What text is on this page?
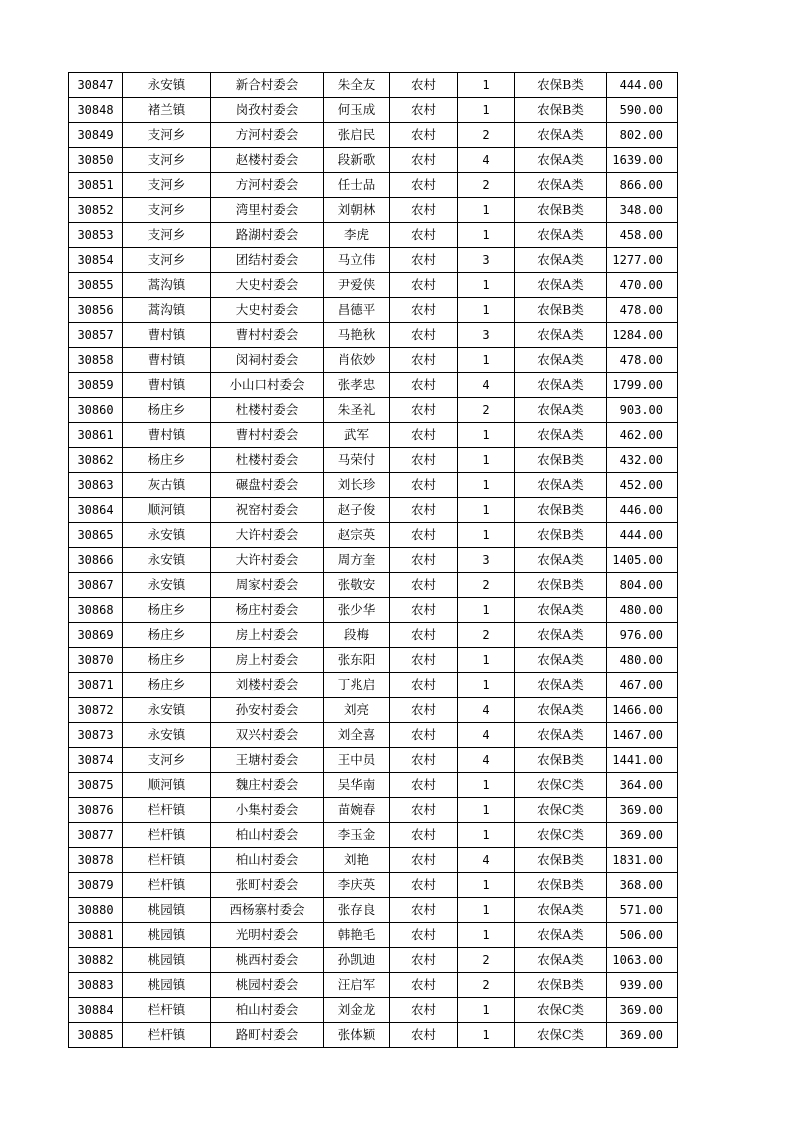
30847	永安镇	新合村委会	朱全友	农村	1	农保B类	444.00
30848	褚兰镇	岗孜村委会	何玉成	农村	1	农保B类	590.00
30849	支河乡	方河村委会	张启民	农村	2	农保A类	802.00
30850	支河乡	赵楼村委会	段新歌	农村	4	农保A类	1639.00
30851	支河乡	方河村委会	任士品	农村	2	农保A类	866.00
30852	支河乡	湾里村委会	刘朝林	农村	1	农保B类	348.00
30853	支河乡	路湖村委会	李虎	农村	1	农保A类	458.00
30854	支河乡	团结村委会	马立伟	农村	3	农保A类	1277.00
30855	蒿沟镇	大史村委会	尹爱侠	农村	1	农保A类	470.00
30856	蒿沟镇	大史村委会	昌德平	农村	1	农保B类	478.00
30857	曹村镇	曹村村委会	马艳秋	农村	3	农保A类	1284.00
30858	曹村镇	闵祠村委会	肖依妙	农村	1	农保A类	478.00
30859	曹村镇	小山口村委会	张孝忠	农村	4	农保A类	1799.00
30860	杨庄乡	杜楼村委会	朱圣礼	农村	2	农保A类	903.00
30861	曹村镇	曹村村委会	武军	农村	1	农保A类	462.00
30862	杨庄乡	杜楼村委会	马荣付	农村	1	农保B类	432.00
30863	灰古镇	碾盘村委会	刘长珍	农村	1	农保A类	452.00
30864	顺河镇	祝窑村委会	赵子俊	农村	1	农保B类	446.00
30865	永安镇	大许村委会	赵宗英	农村	1	农保B类	444.00
30866	永安镇	大许村委会	周方奎	农村	3	农保A类	1405.00
30867	永安镇	周家村委会	张敬安	农村	2	农保B类	804.00
30868	杨庄乡	杨庄村委会	张少华	农村	1	农保A类	480.00
30869	杨庄乡	房上村委会	段梅	农村	2	农保A类	976.00
30870	杨庄乡	房上村委会	张东阳	农村	1	农保A类	480.00
30871	杨庄乡	刘楼村委会	丁兆启	农村	1	农保A类	467.00
30872	永安镇	孙安村委会	刘亮	农村	4	农保A类	1466.00
30873	永安镇	双兴村委会	刘全喜	农村	4	农保A类	1467.00
30874	支河乡	王塘村委会	王中员	农村	4	农保B类	1441.00
30875	顺河镇	魏庄村委会	吴华南	农村	1	农保C类	364.00
30876	栏杆镇	小集村委会	苗婉春	农村	1	农保C类	369.00
30877	栏杆镇	柏山村委会	李玉金	农村	1	农保C类	369.00
30878	栏杆镇	柏山村委会	刘艳	农村	4	农保B类	1831.00
30879	栏杆镇	张町村委会	李庆英	农村	1	农保B类	368.00
30880	桃园镇	西杨寨村委会	张存良	农村	1	农保A类	571.00
30881	桃园镇	光明村委会	韩艳毛	农村	1	农保A类	506.00
30882	桃园镇	桃西村委会	孙凯迪	农村	2	农保A类	1063.00
30883	桃园镇	桃园村委会	汪启军	农村	2	农保B类	939.00
30884	栏杆镇	柏山村委会	刘金龙	农村	1	农保C类	369.00
30885	栏杆镇	路町村委会	张体颖	农村	1	农保C类	369.00
